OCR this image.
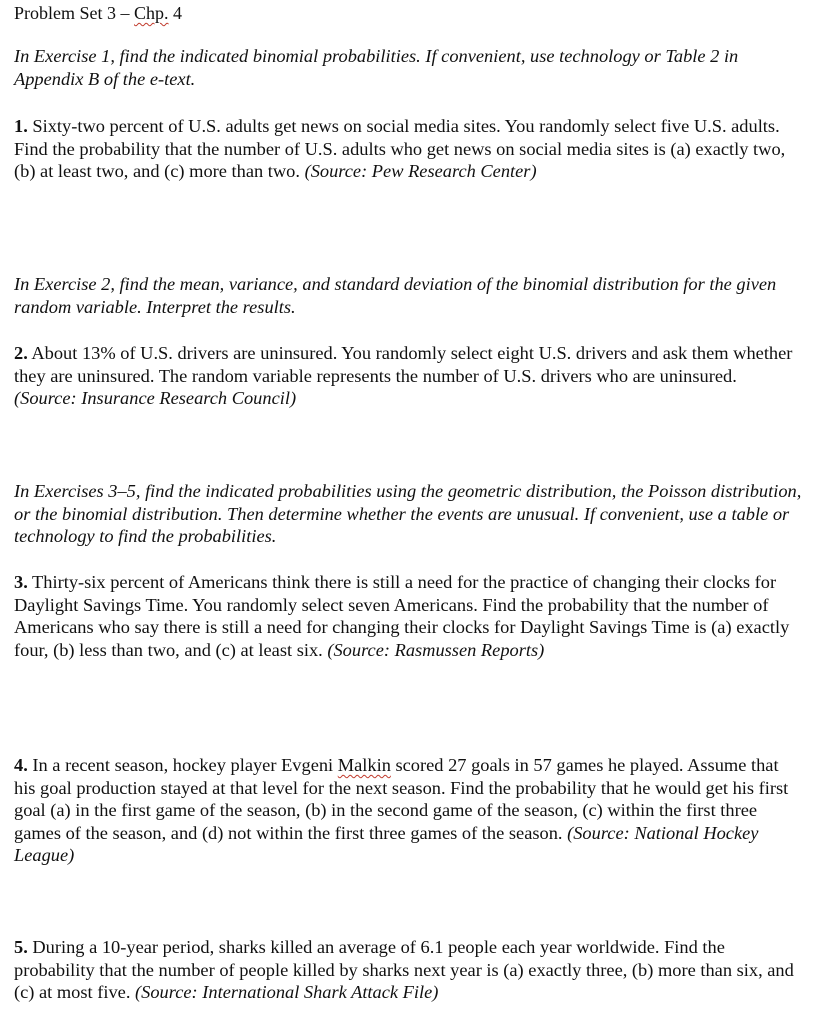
Problem Set 3 – Chp. 4
In Exercise 1, find the indicated binomial probabilities. If convenient, use technology or Table 2 in Appendix B of the e-text.
1. Sixty-two percent of U.S. adults get news on social media sites. You randomly select five U.S. adults. Find the probability that the number of U.S. adults who get news on social media sites is (a) exactly two, (b) at least two, and (c) more than two. (Source: Pew Research Center)
In Exercise 2, find the mean, variance, and standard deviation of the binomial distribution for the given random variable. Interpret the results.
2. About 13% of U.S. drivers are uninsured. You randomly select eight U.S. drivers and ask them whether they are uninsured. The random variable represents the number of U.S. drivers who are uninsured. (Source: Insurance Research Council)
In Exercises 3–5, find the indicated probabilities using the geometric distribution, the Poisson distribution, or the binomial distribution. Then determine whether the events are unusual. If convenient, use a table or technology to find the probabilities.
3. Thirty-six percent of Americans think there is still a need for the practice of changing their clocks for Daylight Savings Time. You randomly select seven Americans. Find the probability that the number of Americans who say there is still a need for changing their clocks for Daylight Savings Time is (a) exactly four, (b) less than two, and (c) at least six. (Source: Rasmussen Reports)
4. In a recent season, hockey player Evgeni Malkin scored 27 goals in 57 games he played. Assume that his goal production stayed at that level for the next season. Find the probability that he would get his first goal (a) in the first game of the season, (b) in the second game of the season, (c) within the first three games of the season, and (d) not within the first three games of the season. (Source: National Hockey League)
5. During a 10-year period, sharks killed an average of 6.1 people each year worldwide. Find the probability that the number of people killed by sharks next year is (a) exactly three, (b) more than six, and (c) at most five. (Source: International Shark Attack File)
